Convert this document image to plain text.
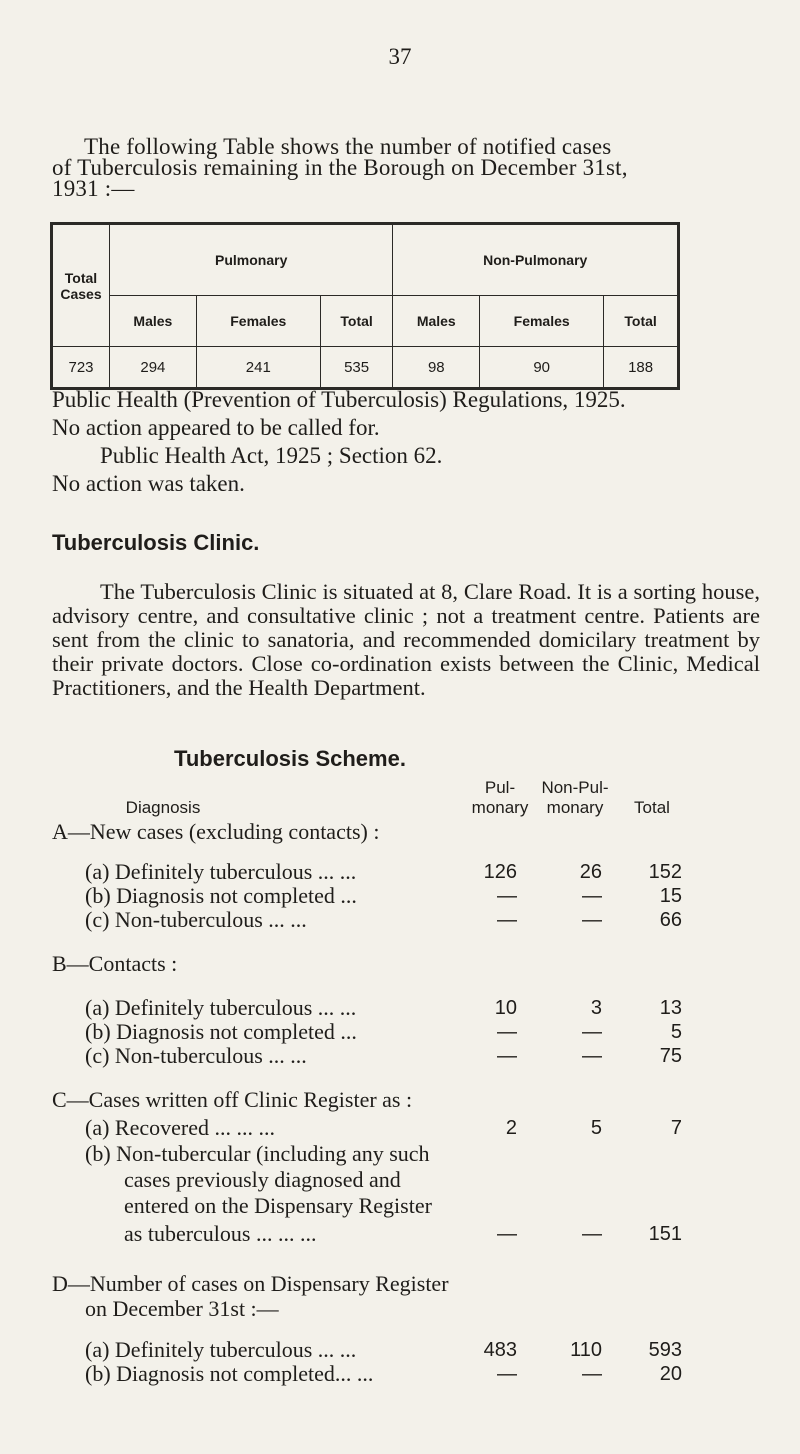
37
The following Table shows the number of notified cases
of Tuberculosis remaining in the Borough on December 31st,
1931 :—
Total Cases	Pulmonary			Non-Pulmonary		
	Males	Females	Total	Males	Females	Total
723	294	241	535	98	90	188
Public Health (Prevention of Tuberculosis) Regulations, 1925.
No action appeared to be called for.
Public Health Act, 1925 ; Section 62.
No action was taken.
Tuberculosis Clinic.
The Tuberculosis Clinic is situated at 8, Clare Road. It is a sorting house, advisory centre, and consultative clinic ; not a treatment centre. Patients are sent from the clinic to sanatoria, and recommended domicilary treatment by their private doctors. Close co-ordination exists between the Clinic, Medical Practitioners, and the Health Department.
Tuberculosis Scheme.
Diagnosis
Pul-
monary
Non-Pul-
monary	Total
A—New cases (excluding contacts) :
(a) Definitely tuberculous ... ...	126	26	152
(b) Diagnosis not completed ...	—	—	15
(c) Non-tuberculous ... ...	—	—	66
B—Contacts :
(a) Definitely tuberculous ... ...	10	3	13
(b) Diagnosis not completed ...	—	—	5
(c) Non-tuberculous ... ...	—	—	75
C—Cases written off Clinic Register as :
(a) Recovered ... ... ...	2	5	7
(b) Non-tubercular (including any such
cases previously diagnosed and
entered on the Dispensary Register
as tuberculous ... ... ...	—	—	151
D—Number of cases on Dispensary Register
on December 31st :—
(a) Definitely tuberculous ... ...	483	110	593
(b) Diagnosis not completed... ...	—	—	20
